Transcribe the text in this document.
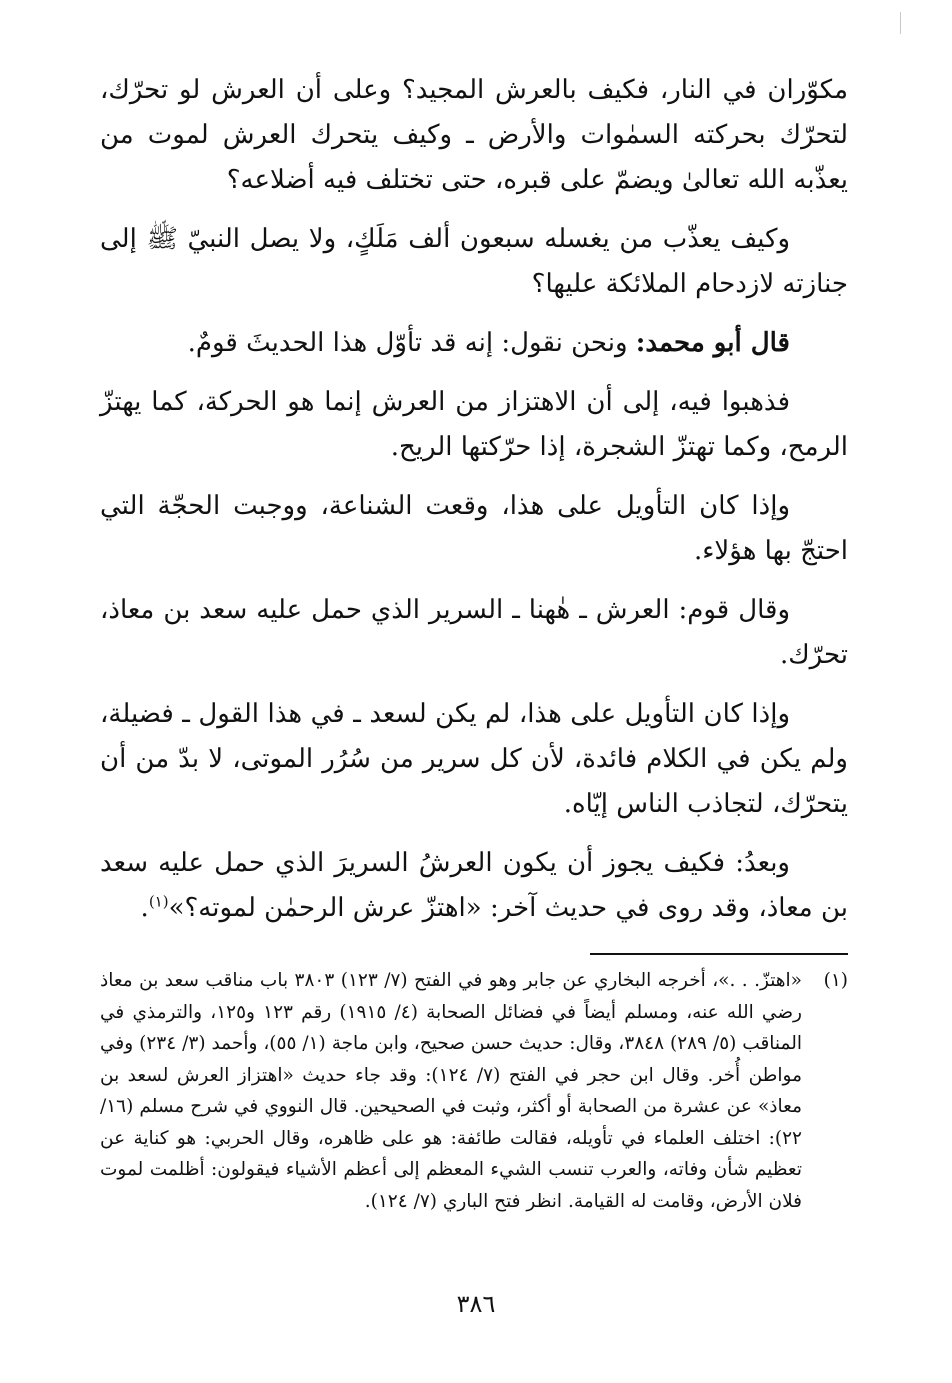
مكوّران في النار، فكيف بالعرش المجيد؟ وعلى أن العرش لو تحرّك، لتحرّك بحركته السمٰوات والأرض ـ وكيف يتحرك العرش لموت من يعذّبه الله تعالىٰ ويضمّ على قبره، حتى تختلف فيه أضلاعه؟

وكيف يعذّب من يغسله سبعون ألف مَلَكٍ، ولا يصل النبيّ ﷺ إلى جنازته لازدحام الملائكة عليها؟

قال أبو محمد: ونحن نقول: إنه قد تأوّل هذا الحديثَ قومٌ.

فذهبوا فيه، إلى أن الاهتزاز من العرش إنما هو الحركة، كما يهتزّ الرمح، وكما تهتزّ الشجرة، إذا حرّكتها الريح.

وإذا كان التأويل على هذا، وقعت الشناعة، ووجبت الحجّة التي احتجّ بها هؤلاء.

وقال قوم: العرش ـ هٰهنا ـ السرير الذي حمل عليه سعد بن معاذ، تحرّك.

وإذا كان التأويل على هذا، لم يكن لسعد ـ في هذا القول ـ فضيلة، ولم يكن في الكلام فائدة، لأن كل سرير من سُرُر الموتى، لا بدّ من أن يتحرّك، لتجاذب الناس إيّاه.

وبعدُ: فكيف يجوز أن يكون العرشُ السريرَ الذي حمل عليه سعد بن معاذ، وقد روى في حديث آخر: «اهتزّ عرش الرحمٰن لموته؟»$^{(١)}$.

(١)
«اهتزّ. . .»، أخرجه البخاري عن جابر وهو في الفتح (٧/ ١٢٣) ٣٨٠٣ باب مناقب سعد بن معاذ رضي الله عنه، ومسلم أيضاً في فضائل الصحابة (٤/ ١٩١٥) رقم ١٢٣ و١٢٥، والترمذي في المناقب (٥/ ٢٨٩) ٣٨٤٨، وقال: حديث حسن صحيح، وابن ماجة (١/ ٥٥)، وأحمد (٣/ ٢٣٤) وفي مواطن أُخر. وقال ابن حجر في الفتح (٧/ ١٢٤): وقد جاء حديث «اهتزاز العرش لسعد بن معاذ» عن عشرة من الصحابة أو أكثر، وثبت في الصحيحين. قال النووي في شرح مسلم (١٦/ ٢٢): اختلف العلماء في تأويله، فقالت طائفة: هو على ظاهره، وقال الحربي: هو كناية عن تعظيم شأن وفاته، والعرب تنسب الشيء المعظم إلى أعظم الأشياء فيقولون: أظلمت لموت فلان الأرض، وقامت له القيامة. انظر فتح الباري (٧/ ١٢٤).
٣٨٦
